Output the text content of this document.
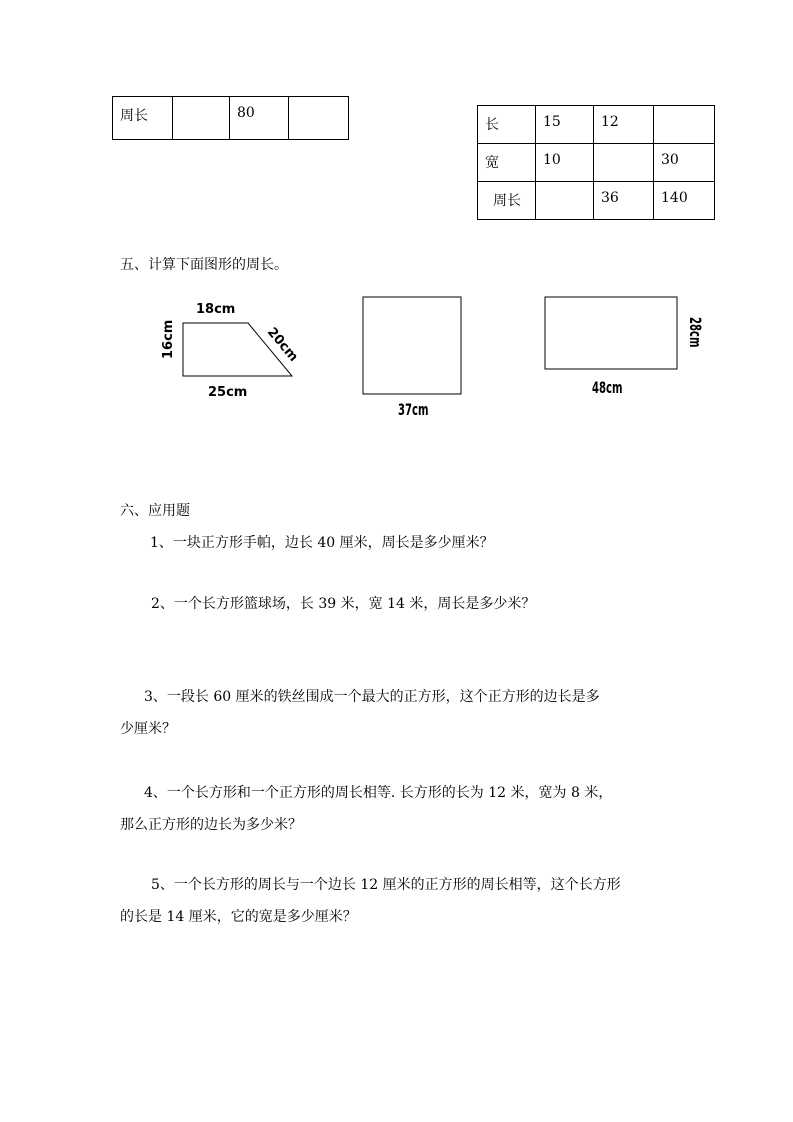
周长		80	
长	15	12	
宽	10		30
周长		36	140
五、计算下面图形的周长。
18cm
25cm
16cm	20cm
37cm
48cm
28cm
六、应用题
1、一块正方形手帕，边长 40 厘米，周长是多少厘米？
2、一个长方形篮球场，长 39 米，宽 14 米，周长是多少米？
3、一段长 60 厘米的铁丝围成一个最大的正方形，这个正方形的边长是多
少厘米？
4、一个长方形和一个正方形的周长相等. 长方形的长为 12 米，宽为 8 米，
那么正方形的边长为多少米？
5、一个长方形的周长与一个边长 12 厘米的正方形的周长相等，这个长方形
的长是 14 厘米，它的宽是多少厘米？
